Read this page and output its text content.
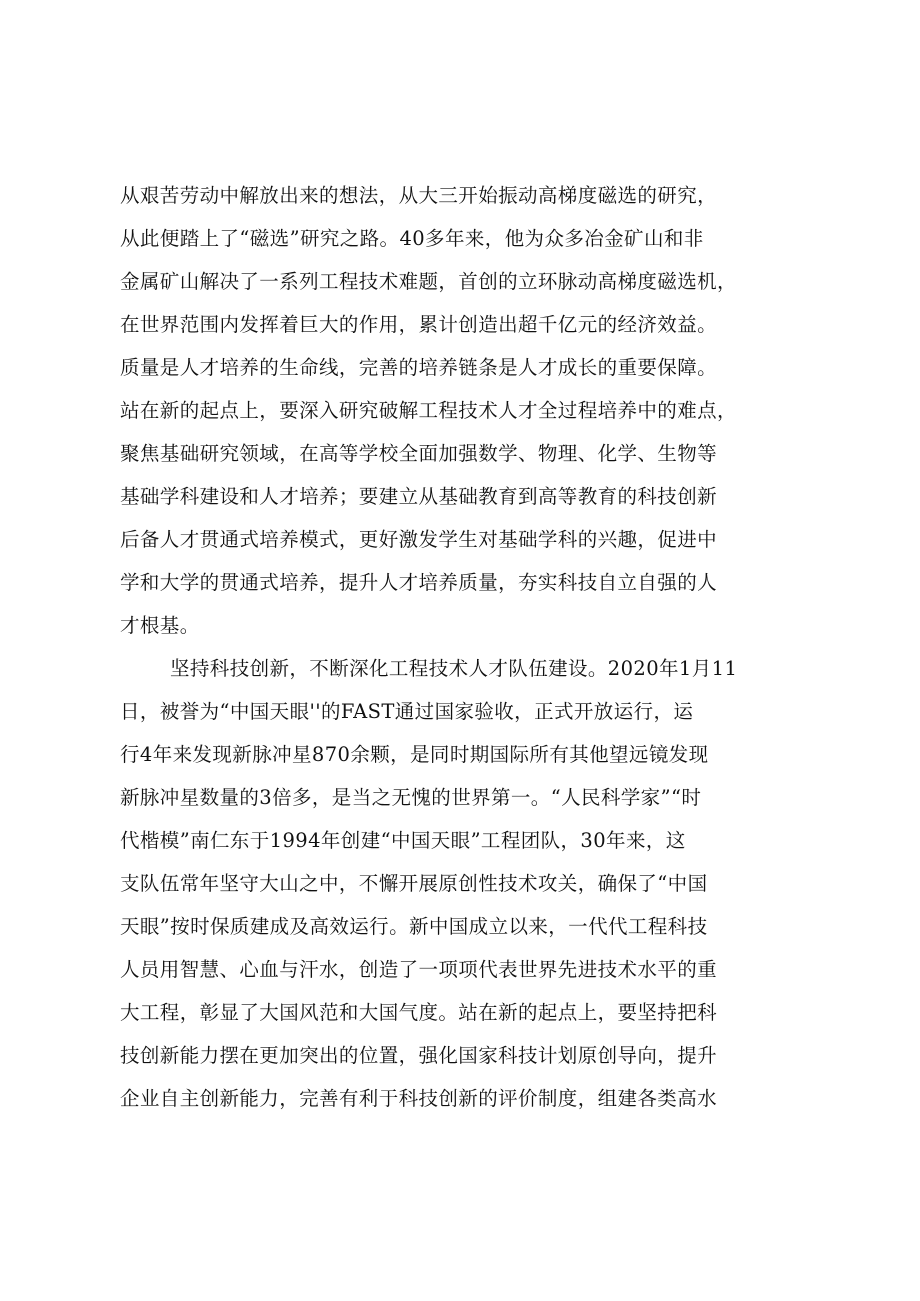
从艰苦劳动中解放出来的想法，从大三开始振动高梯度磁选的研究，
从此便踏上了“磁选”研究之路。40多年来，他为众多冶金矿山和非
金属矿山解决了一系列工程技术难题，首创的立环脉动高梯度磁选机，
在世界范围内发挥着巨大的作用，累计创造出超千亿元的经济效益。
质量是人才培养的生命线，完善的培养链条是人才成长的重要保障。
站在新的起点上，要深入研究破解工程技术人才全过程培养中的难点，
聚焦基础研究领域，在高等学校全面加强数学、物理、化学、生物等
基础学科建设和人才培养；要建立从基础教育到高等教育的科技创新
后备人才贯通式培养模式，更好激发学生对基础学科的兴趣，促进中
学和大学的贯通式培养，提升人才培养质量，夯实科技自立自强的人
才根基。
坚持科技创新，不断深化工程技术人才队伍建设。2020年1月11
日，被誉为“中国天眼''的FAST通过国家验收，正式开放运行，运
行4年来发现新脉冲星870余颗，是同时期国际所有其他望远镜发现
新脉冲星数量的3倍多，是当之无愧的世界第一。“人民科学家”“时
代楷模”南仁东于1994年创建“中国天眼”工程团队，30年来，这
支队伍常年坚守大山之中，不懈开展原创性技术攻关，确保了“中国
天眼”按时保质建成及高效运行。新中国成立以来，一代代工程科技
人员用智慧、心血与汗水，创造了一项项代表世界先进技术水平的重
大工程，彰显了大国风范和大国气度。站在新的起点上，要坚持把科
技创新能力摆在更加突出的位置，强化国家科技计划原创导向，提升
企业自主创新能力，完善有利于科技创新的评价制度，组建各类高水
